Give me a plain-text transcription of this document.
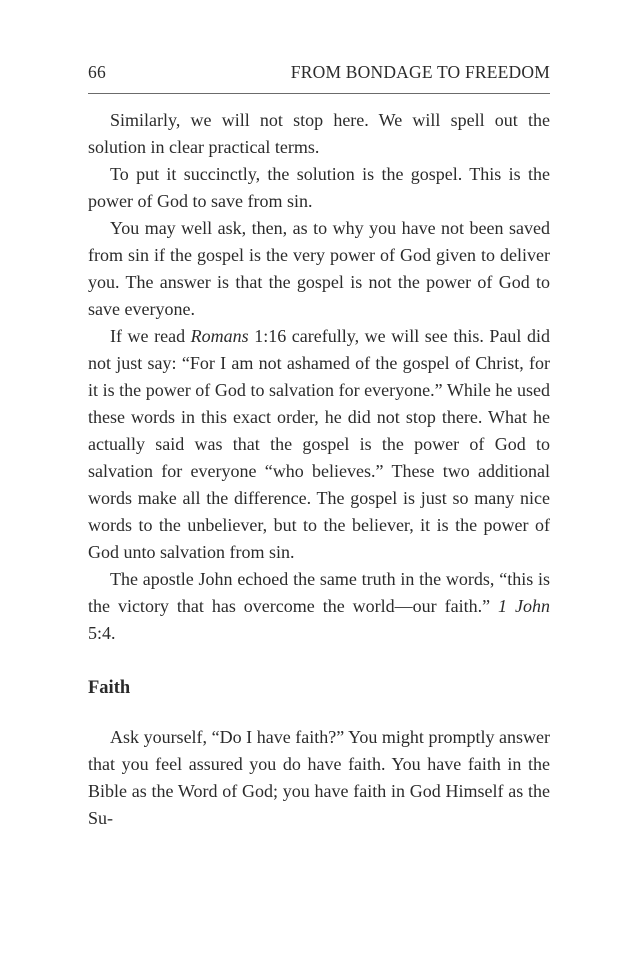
66	FROM BONDAGE TO FREEDOM

Similarly, we will not stop here. We will spell out the solution in clear practical terms.

To put it succinctly, the solution is the gospel. This is the power of God to save from sin.

You may well ask, then, as to why you have not been saved from sin if the gospel is the very power of God given to deliver you. The answer is that the gospel is not the power of God to save everyone.

If we read Romans 1:16 carefully, we will see this. Paul did not just say: “For I am not ashamed of the gospel of Christ, for it is the power of God to salvation for everyone.” While he used these words in this exact order, he did not stop there. What he actually said was that the gospel is the power of God to salvation for everyone “who believes.” These two additional words make all the difference. The gospel is just so many nice words to the unbeliever, but to the believer, it is the power of God unto salvation from sin.

The apostle John echoed the same truth in the words, “this is the victory that has overcome the world—our faith.” 1 John 5:4.

Faith

Ask yourself, “Do I have faith?” You might promptly answer that you feel assured you do have faith. You have faith in the Bible as the Word of God; you have faith in God Himself as the Su-
